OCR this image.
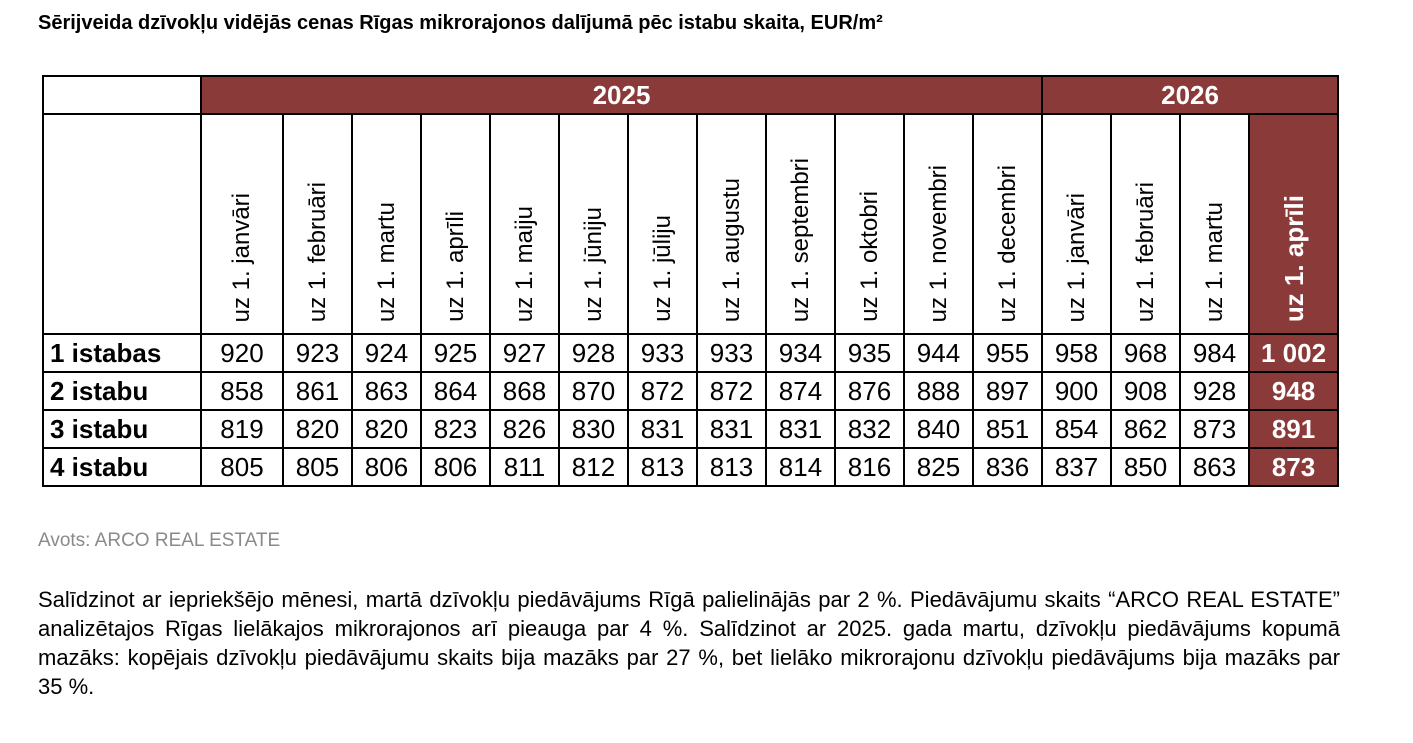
Sērijveida dzīvokļu vidējās cenas Rīgas mikrorajonos dalījumā pēc istabu skaita, EUR/m²
	2025												2026			
	uz 1. janvāri	uz 1. februāri	uz 1. martu	uz 1. aprīli	uz 1. maiju	uz 1. jūniju	uz 1. jūliju	uz 1. augustu	uz 1. septembri	uz 1. oktobri	uz 1. novembri	uz 1. decembri	uz 1. janvāri	uz 1. februāri	uz 1. martu	uz 1. aprīli
1 istabas	920	923	924	925	927	928	933	933	934	935	944	955	958	968	984	1 002
2 istabu	858	861	863	864	868	870	872	872	874	876	888	897	900	908	928	948
3 istabu	819	820	820	823	826	830	831	831	831	832	840	851	854	862	873	891
4 istabu	805	805	806	806	811	812	813	813	814	816	825	836	837	850	863	873
Avots: ARCO REAL ESTATE
Salīdzinot ar iepriekšējo mēnesi, martā dzīvokļu piedāvājums Rīgā palielinājās par 2 %. Piedāvājumu skaits “ARCO REAL ESTATE” analizētajos Rīgas lielākajos mikrorajonos arī pieauga par 4 %. Salīdzinot ar 2025. gada martu, dzīvokļu piedāvājums kopumā mazāks: kopējais dzīvokļu piedāvājumu skaits bija mazāks par 27 %, bet lielāko mikrorajonu dzīvokļu piedāvājums bija mazāks par 35 %.
